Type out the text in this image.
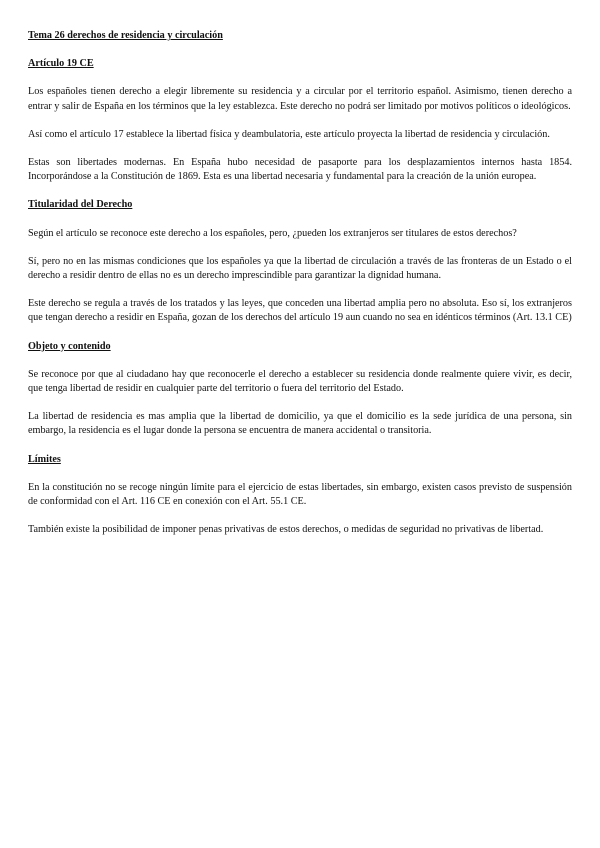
Tema 26 derechos de residencia y circulación
Artículo 19 CE

Los españoles tienen derecho a elegir libremente su residencia y a circular por el territorio español. Asimismo, tienen derecho a entrar y salir de España en los términos que la ley establezca. Este derecho no podrá ser limitado por motivos políticos o ideológicos.

Así como el artículo 17 establece la libertad física y deambulatoria, este artículo proyecta la libertad de residencia y circulación.

Estas son libertades modernas. En España hubo necesidad de pasaporte para los desplazamientos internos hasta 1854. Incorporándose a la Constitución de 1869. Esta es una libertad necesaria y fundamental para la creación de la unión europea.

Titularidad del Derecho

Según el artículo se reconoce este derecho a los españoles, pero, ¿pueden los extranjeros ser titulares de estos derechos?

Sí, pero no en las mismas condiciones que los españoles ya que la libertad de circulación a través de las fronteras de un Estado o el derecho a residir dentro de ellas no es un derecho imprescindible para garantizar la dignidad humana.

Este derecho se regula a través de los tratados y las leyes, que conceden una libertad amplia pero no absoluta. Eso sí, los extranjeros que tengan derecho a residir en España, gozan de los derechos del artículo 19 aun cuando no sea en idénticos términos (Art. 13.1 CE)

Objeto y contenido

Se reconoce por que al ciudadano hay que reconocerle el derecho a establecer su residencia donde realmente quiere vivir, es decir, que tenga libertad de residir en cualquier parte del territorio o fuera del territorio del Estado.

La libertad de residencia es mas amplia que la libertad de domicilio, ya que el domicilio es la sede jurídica de una persona, sin embargo, la residencia es el lugar donde la persona se encuentra de manera accidental o transitoria.

Límites

En la constitución no se recoge ningún límite para el ejercicio de estas libertades, sin embargo, existen casos previsto de suspensión de conformidad con el Art. 116 CE en conexión con el Art. 55.1 CE.

También existe la posibilidad de imponer penas privativas de estos derechos, o medidas de seguridad no privativas de libertad.
